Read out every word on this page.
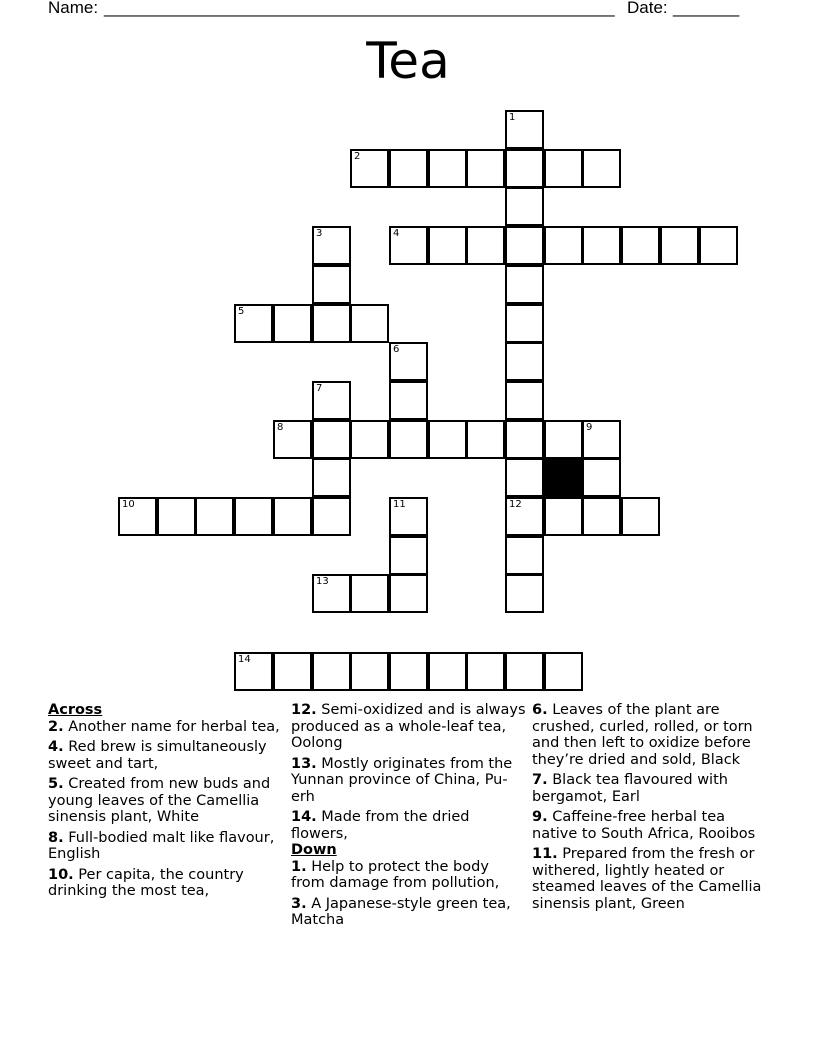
Name: ______________________________________________________ Date: _______
Tea
1
2
3	4
5
6
7
8	9
10	11	12
13
14
Across
2. Another name for herbal tea,
4. Red brew is simultaneously sweet and tart,
5. Created from new buds and young leaves of the Camellia sinensis plant, White
8. Full-bodied malt like flavour, English
10. Per capita, the country drinking the most tea,
12. Semi-oxidized and is always produced as a whole-leaf tea, Oolong
13. Mostly originates from the Yunnan province of China, Pu-erh
14. Made from the dried flowers,
Down
1. Help to protect the body from damage from pollution,
3. A Japanese-style green tea, Matcha
6. Leaves of the plant are crushed, curled, rolled, or torn and then left to oxidize before they’re dried and sold, Black
7. Black tea flavoured with bergamot, Earl
9. Caffeine-free herbal tea native to South Africa, Rooibos
11. Prepared from the fresh or withered, lightly heated or steamed leaves of the Camellia sinensis plant, Green
